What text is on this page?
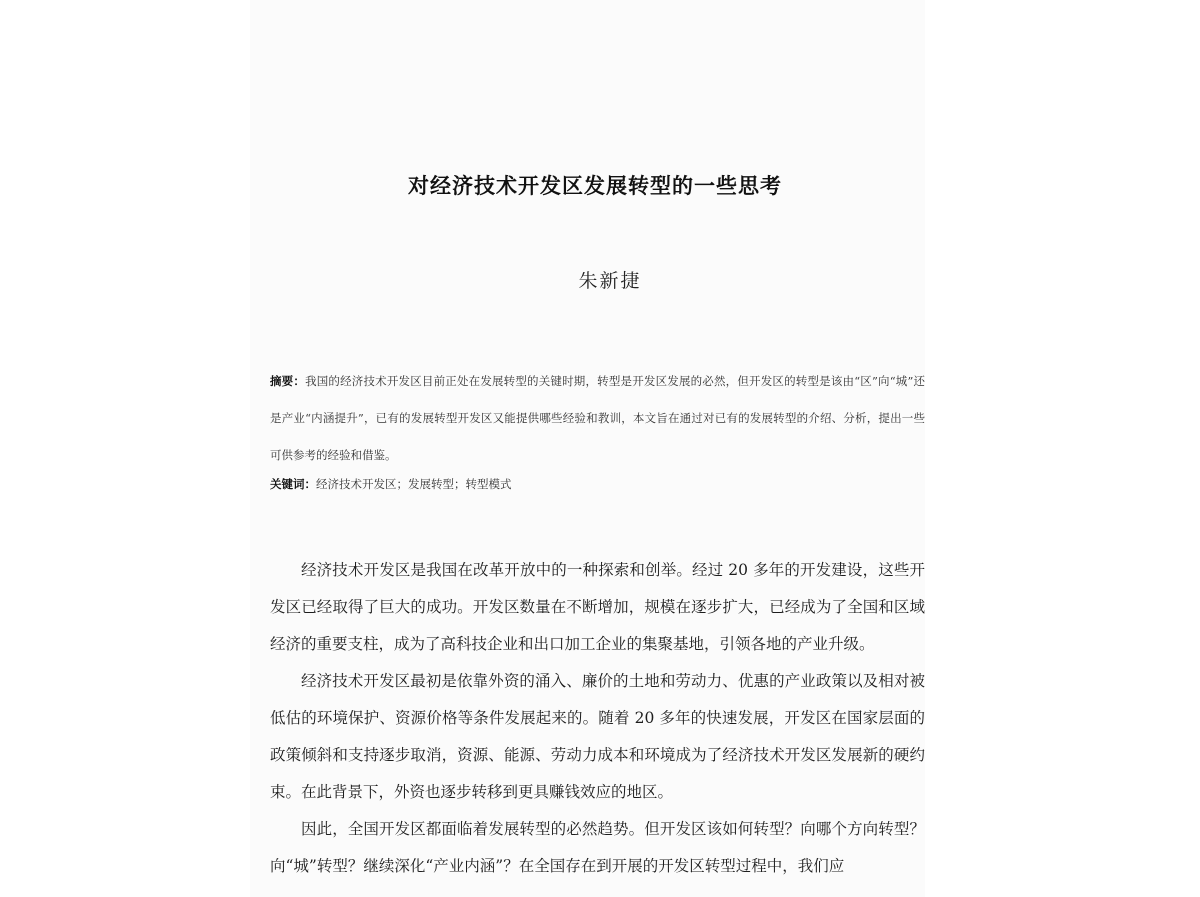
对经济技术开发区发展转型的一些思考
朱新捷
摘要：我国的经济技术开发区目前正处在发展转型的关键时期，转型是开发区发展的必然，但开发区的转型是该由“区”向“城”还是产业“内涵提升”，已有的发展转型开发区又能提供哪些经验和教训，本文旨在通过对已有的发展转型的介绍、分析，提出一些可供参考的经验和借鉴。
关键词：经济技术开发区；发展转型；转型模式

经济技术开发区是我国在改革开放中的一种探索和创举。经过 20 多年的开发建设，这些开发区已经取得了巨大的成功。开发区数量在不断增加，规模在逐步扩大，已经成为了全国和区域经济的重要支柱，成为了高科技企业和出口加工企业的集聚基地，引领各地的产业升级。

经济技术开发区最初是依靠外资的涌入、廉价的土地和劳动力、优惠的产业政策以及相对被低估的环境保护、资源价格等条件发展起来的。随着 20 多年的快速发展，开发区在国家层面的政策倾斜和支持逐步取消，资源、能源、劳动力成本和环境成为了经济技术开发区发展新的硬约束。在此背景下，外资也逐步转移到更具赚钱效应的地区。

因此，全国开发区都面临着发展转型的必然趋势。但开发区该如何转型？向哪个方向转型？向“城”转型？继续深化“产业内涵”？在全国存在到开展的开发区转型过程中，我们应
